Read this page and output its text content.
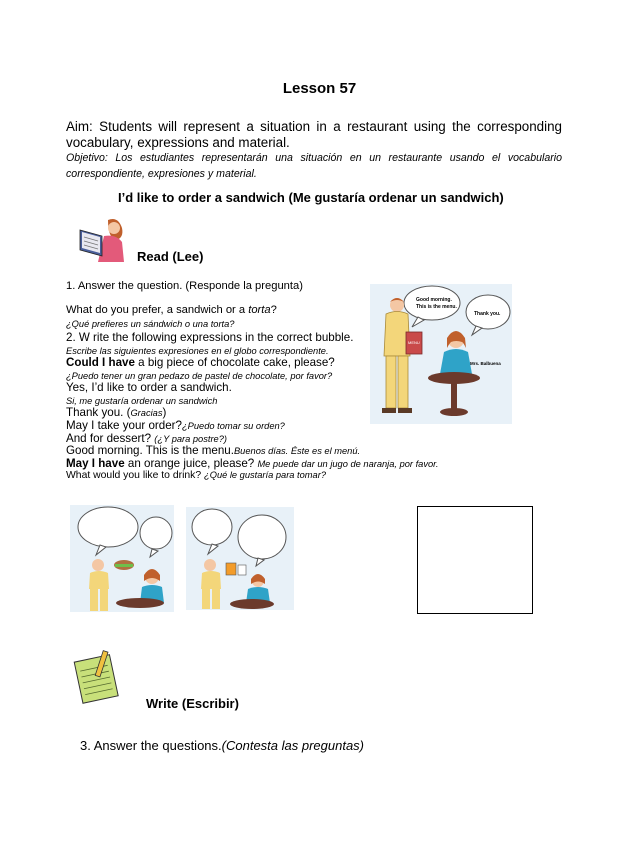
Lesson 57
Aim: Students will represent a situation in a restaurant using the corresponding vocabulary, expressions and material.
Objetivo: Los estudiantes representarán una situación en un restaurante usando el vocabulario correspondiente, expresiones y material.
I’d like to order a sandwich (Me gustaría ordenar un sandwich)
Read (Lee)
1. Answer the question. (Responde la pregunta)
What do you prefer, a sandwich or a torta?
¿Qué prefieres un sándwich o una torta?
2. W rite the following expressions in the correct bubble.
Escribe las siguientes expresiones en el globo correspondiente.
Could I have a big piece of chocolate cake, please?
¿Puedo tener un gran pedazo de pastel de chocolate, por favor?
Yes, I’d like to order a sandwich.
Si, me gustaría ordenar un sandwich
Thank you. (Gracias)
May I take your order?¿Puedo tomar su orden?
And for dessert? (¿Y para postre?)
Good morning. This is the menu.Buenos días. Éste es el menú.
May I have an orange juice, please? Me puede dar un jugo de naranja, por favor.
What would you like to drink? ¿Qué le gustaría para tomar?
Good morning.
This is the menu.
Thank you.
MENU
Mrs. Balbuena
Write (Escribir)
3. Answer the questions.(Contesta las preguntas)
